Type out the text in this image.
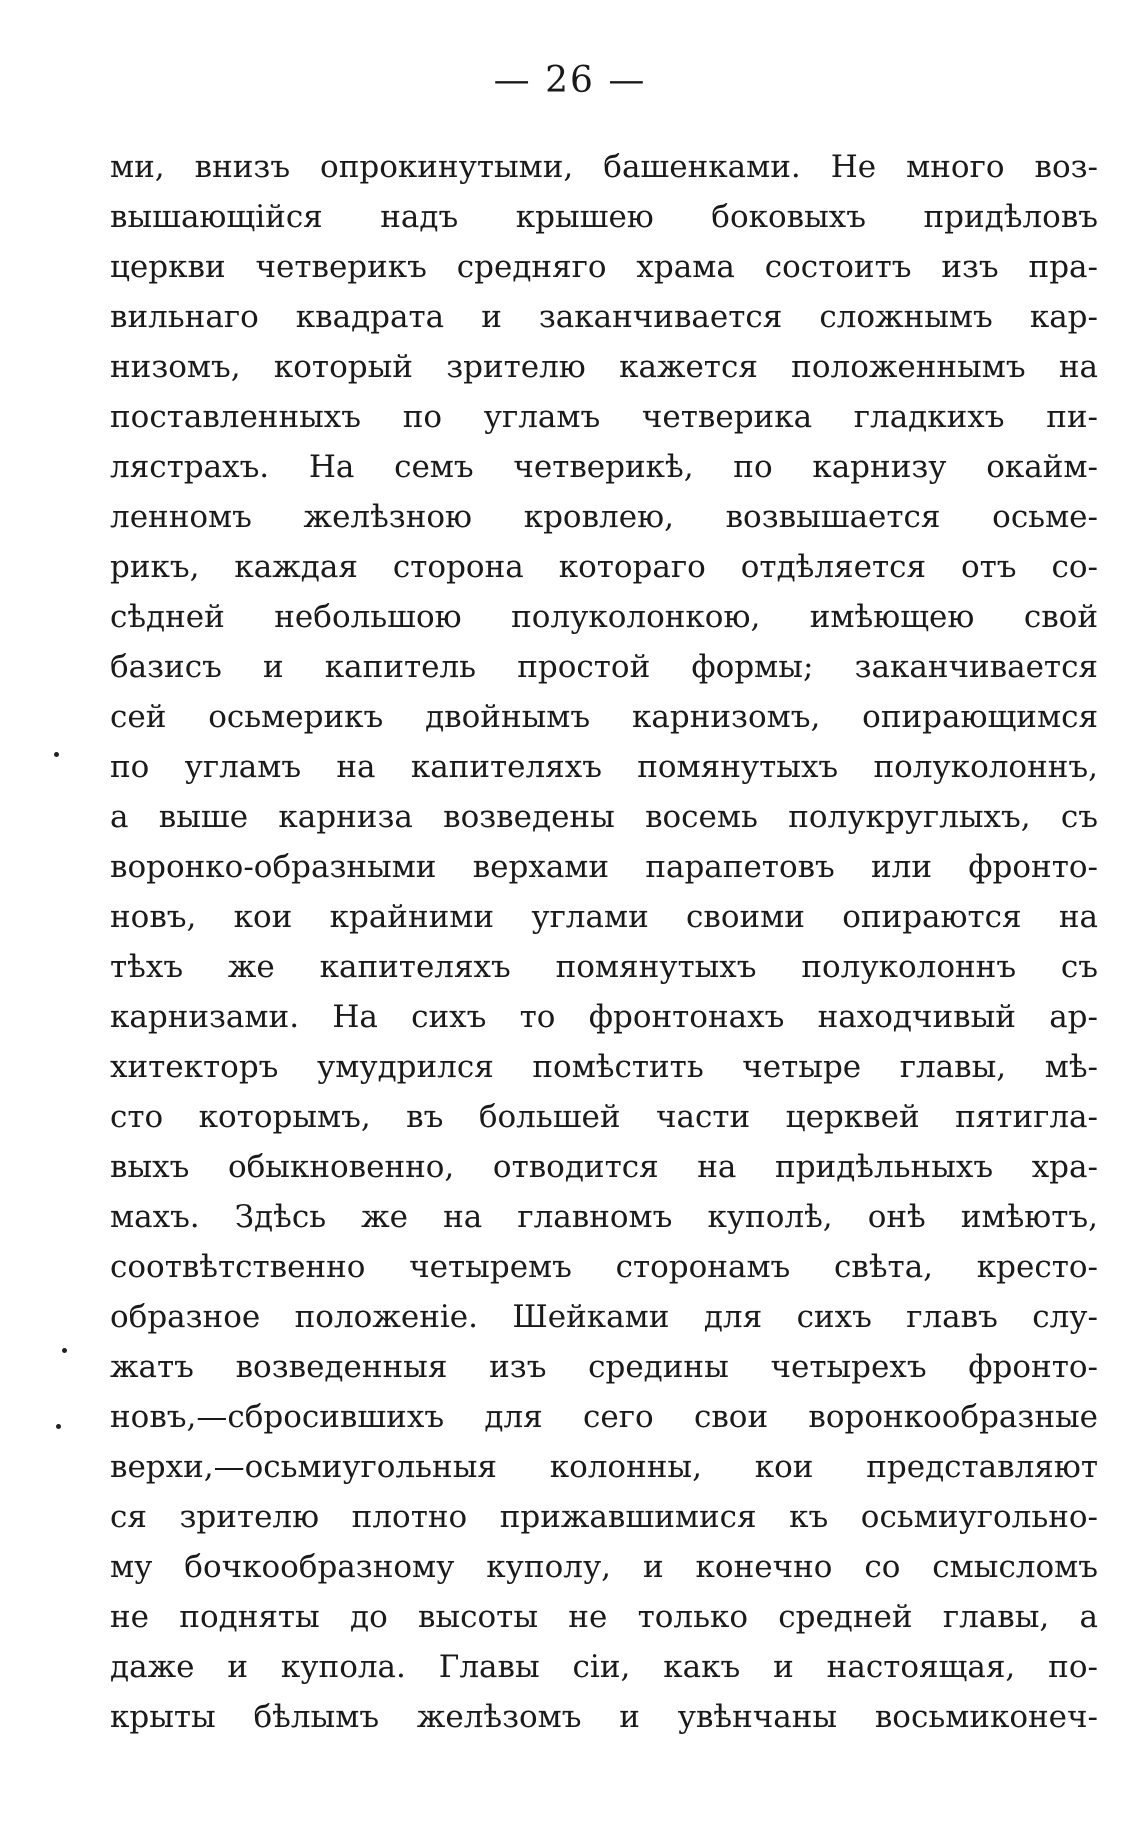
— 26 —
ми, внизъ опрокинутыми, башенками. Не много воз-
вышающійся надъ крышею боковыхъ придѣловъ
церкви четверикъ средняго храма состоитъ изъ пра-
вильнаго квадрата и заканчивается сложнымъ кар-
низомъ, который зрителю кажется положеннымъ на
поставленныхъ по угламъ четверика гладкихъ пи-
лястрахъ. На семъ четверикѣ, по карнизу окайм-
ленномъ желѣзною кровлею, возвышается осьме-
рикъ, каждая сторона котораго отдѣляется отъ со-
сѣдней небольшою полуколонкою, имѣющею свой
базисъ и капитель простой формы; заканчивается
сей осьмерикъ двойнымъ карнизомъ, опирающимся
по угламъ на капителяхъ помянутыхъ полуколоннъ,
а выше карниза возведены восемь полукруглыхъ, съ
воронко-образными верхами парапетовъ или фронто-
новъ, кои крайними углами своими опираются на
тѣхъ же капителяхъ помянутыхъ полуколоннъ съ
карнизами. На сихъ то фронтонахъ находчивый ар-
хитекторъ умудрился помѣстить четыре главы, мѣ-
сто которымъ, въ большей части церквей пятигла-
выхъ обыкновенно, отводится на придѣльныхъ хра-
махъ. Здѣсь же на главномъ куполѣ, онѣ имѣютъ,
соотвѣтственно четыремъ сторонамъ свѣта, кресто-
образное положеніе. Шейками для сихъ главъ слу-
жатъ возведенныя изъ средины четырехъ фронто-
новъ,—сбросившихъ для сего свои воронкообразные
верхи,—осьмиугольныя колонны, кои представляют
ся зрителю плотно прижавшимися къ осьмиугольно-
му бочкообразному куполу, и конечно со смысломъ
не подняты до высоты не только средней главы, а
даже и купола. Главы сіи, какъ и настоящая, по-
крыты бѣлымъ желѣзомъ и увѣнчаны восьмиконеч-
